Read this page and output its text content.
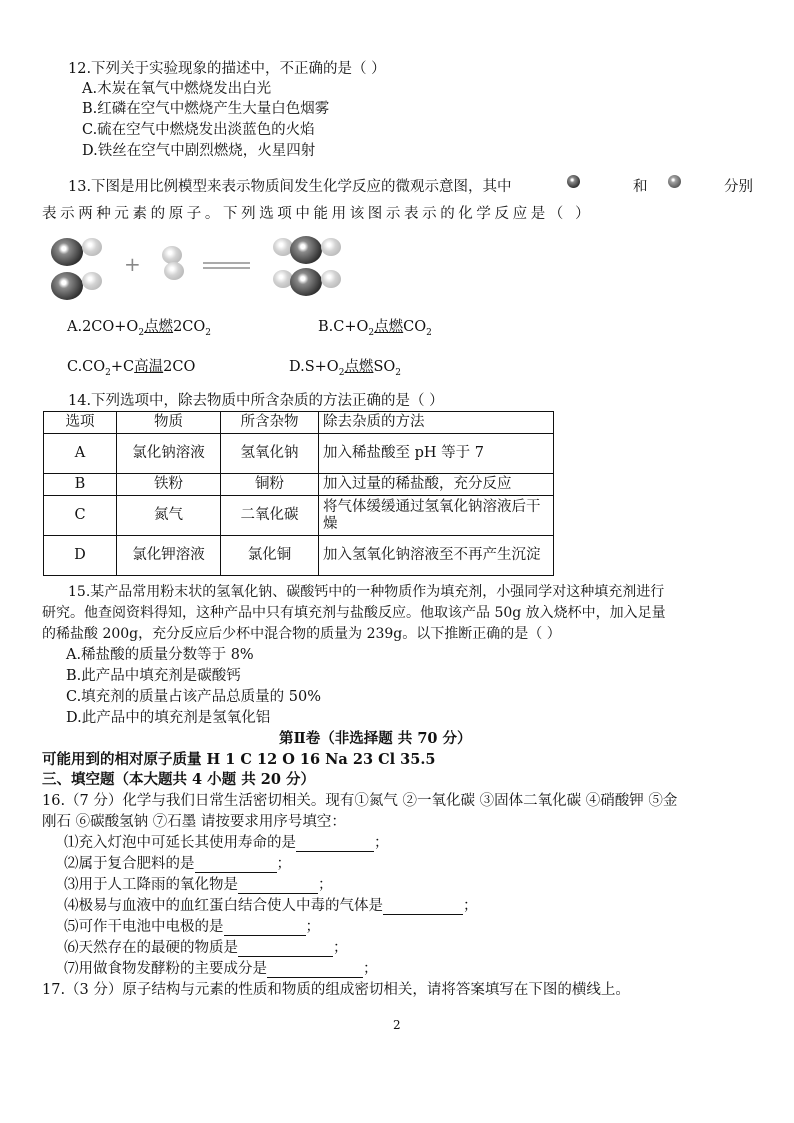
12.下列关于实验现象的描述中，不正确的是（ ）
A.木炭在氧气中燃烧发出白光
B.红磷在空气中燃烧产生大量白色烟雾
C.硫在空气中燃烧发出淡蓝色的火焰
D.铁丝在空气中剧烈燃烧，火星四射
13.下图是用比例模型来表示物质间发生化学反应的微观示意图，其中	和	分别
表示两种元素的原子。下列选项中能用该图示表示的化学反应是（ ）
+
$A.2CO+O_2$点燃$2CO_2$	$B.C+O_2$点燃$CO_2$
$C.CO_2+C$高温2CO	$D.S+O_2$点燃$SO_2$
14.下列选项中，除去物质中所含杂质的方法正确的是（ ）
选项	物质	所含杂物	除去杂质的方法
A	氯化钠溶液	氢氧化钠	加入稀盐酸至 pH 等于 7
B	铁粉	铜粉	加入过量的稀盐酸，充分反应
C	氮气	二氧化碳	将气体缓缓通过氢氧化钠溶液后干燥
D	氯化钾溶液	氯化铜	加入氢氧化钠溶液至不再产生沉淀
15.某产品常用粉末状的氢氧化钠、碳酸钙中的一种物质作为填充剂，小强同学对这种填充剂进行
研究。他查阅资料得知，这种产品中只有填充剂与盐酸反应。他取该产品 50g 放入烧杯中，加入足量
的稀盐酸 200g，充分反应后少杯中混合物的质量为 239g。以下推断正确的是（ ）
A.稀盐酸的质量分数等于 8%
B.此产品中填充剂是碳酸钙
C.填充剂的质量占该产品总质量的 50%
D.此产品中的填充剂是氢氧化铝
第Ⅱ卷（非选择题 共 70 分）
可能用到的相对原子质量 H 1 C 12 O 16 Na 23 Cl 35.5
三、填空题（本大题共 4 小题 共 20 分）
16.（7 分）化学与我们日常生活密切相关。现有①氮气 ②一氧化碳 ③固体二氧化碳 ④硝酸钾 ⑤金
刚石 ⑥碳酸氢钠 ⑦石墨 请按要求用序号填空：
⑴充入灯泡中可延长其使用寿命的是	；
⑵属于复合肥料的是	；
⑶用于人工降雨的氧化物是	；
⑷极易与血液中的血红蛋白结合使人中毒的气体是	；
⑸可作干电池中电极的是	；
⑹天然存在的最硬的物质是	；
⑺用做食物发酵粉的主要成分是	；
17.（3 分）原子结构与元素的性质和物质的组成密切相关，请将答案填写在下图的横线上。
2
